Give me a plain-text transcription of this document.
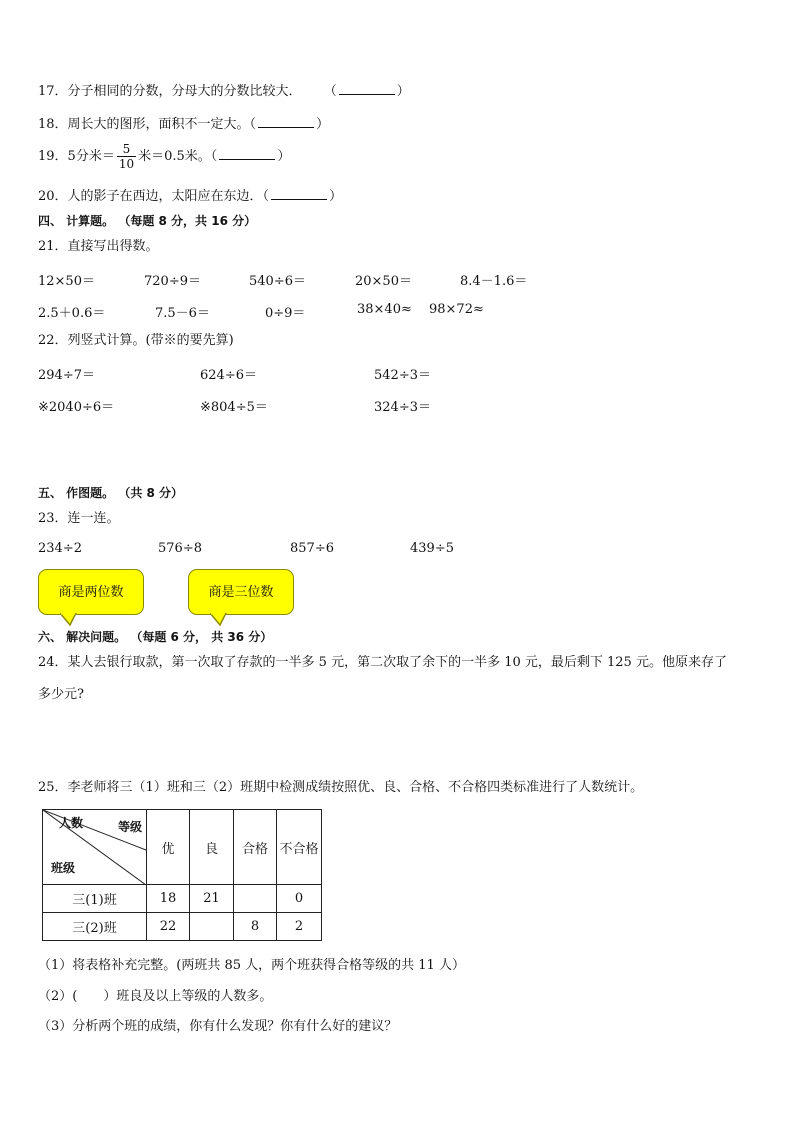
17．分子相同的分数，分母大的分数比较大． （	）
18．周长大的图形，面积不一定大。（	）
19．5分米＝ $\frac{5}{10}$ 米＝0.5米。（	）
20．人的影子在西边，太阳应在东边．（	）
四、 计算题。 （每题 8 分，共 16 分）
21．直接写出得数。
12×50＝	720÷9＝	540÷6＝	20×50＝	8.4－1.6＝
2.5＋0.6＝	7.5－6＝	0÷9＝	38×40≈ 98×72≈
22．列竖式计算。(带※的要先算)
294÷7＝	624÷6＝	542÷3＝
※2040÷6＝	※804÷5＝	324÷3＝
五、 作图题。 （共 8 分）
23．连一连。
234÷2	576÷8	857÷6	439÷5
商是两位数	商是三位数
六、 解决问题。 （每题 6 分， 共 36 分）
24．某人去银行取款，第一次取了存款的一半多 5 元，第二次取了余下的一半多 10 元，最后剩下 125 元。他原来存了
多少元?
25．李老师将三（1）班和三（2）班期中检测成绩按照优、良、合格、不合格四类标准进行了人数统计。
人数 等级
班级	优	良	合格	不合格
三(1)班	18	21		0
三(2)班	22		8	2
（1）将表格补充完整。(两班共 85 人，两个班获得合格等级的共 11 人）
（2）(　　）班良及以上等级的人数多。
（3）分析两个班的成绩，你有什么发现？你有什么好的建议？
